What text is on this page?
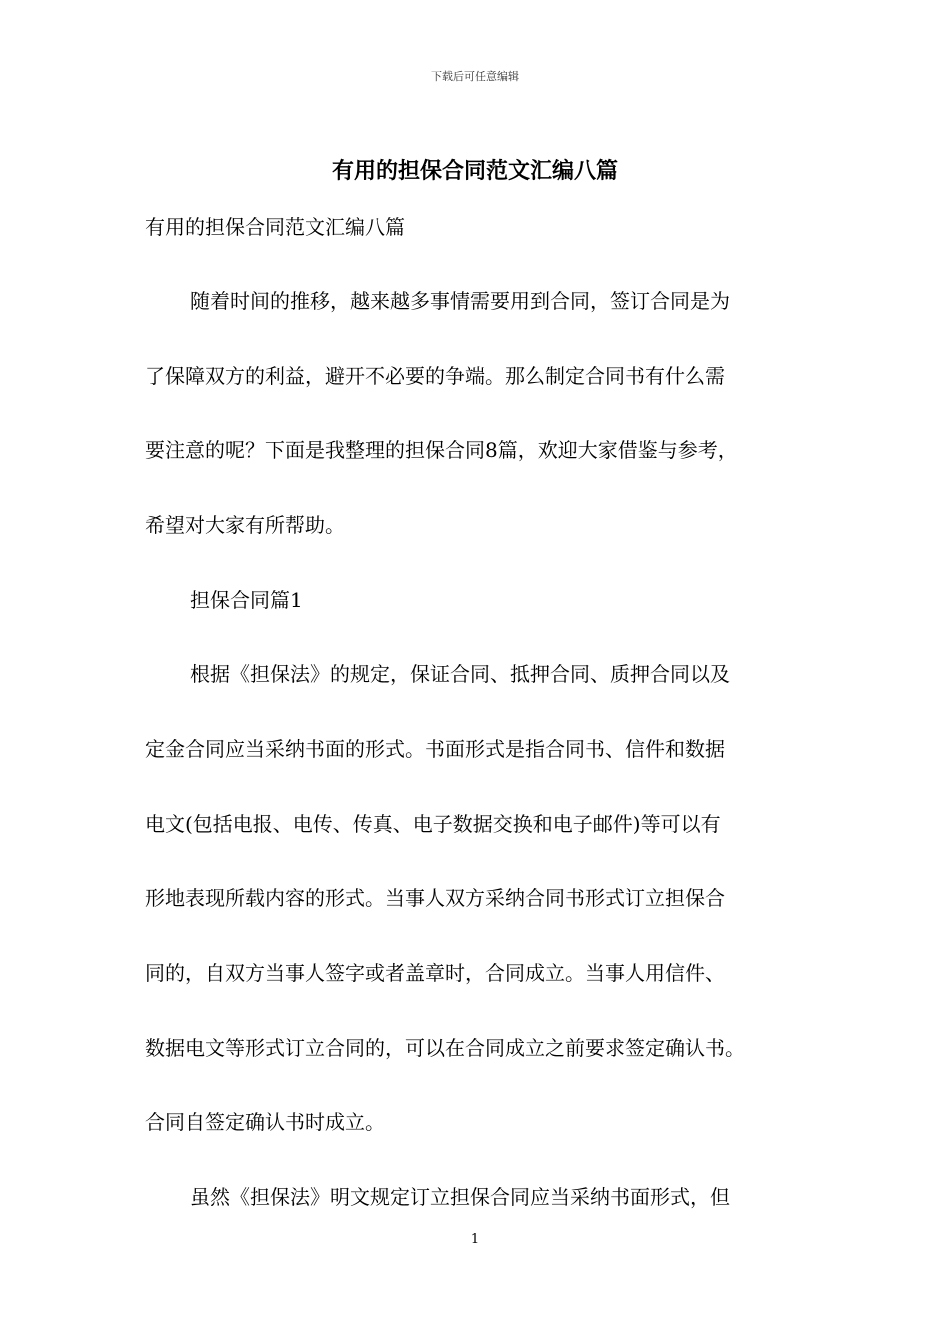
下载后可任意编辑
有用的担保合同范文汇编八篇
有用的担保合同范文汇编八篇
随着时间的推移，越来越多事情需要用到合同，签订合同是为
了保障双方的利益，避开不必要的争端。那么制定合同书有什么需
要注意的呢？下面是我整理的担保合同8篇，欢迎大家借鉴与参考，
希望对大家有所帮助。
担保合同篇1
根据《担保法》的规定，保证合同、抵押合同、质押合同以及
定金合同应当采纳书面的形式。书面形式是指合同书、信件和数据
电文(包括电报、电传、传真、电子数据交换和电子邮件)等可以有
形地表现所载内容的形式。当事人双方采纳合同书形式订立担保合
同的，自双方当事人签字或者盖章时，合同成立。当事人用信件、
数据电文等形式订立合同的，可以在合同成立之前要求签定确认书。
合同自签定确认书时成立。
虽然《担保法》明文规定订立担保合同应当采纳书面形式，但
1
